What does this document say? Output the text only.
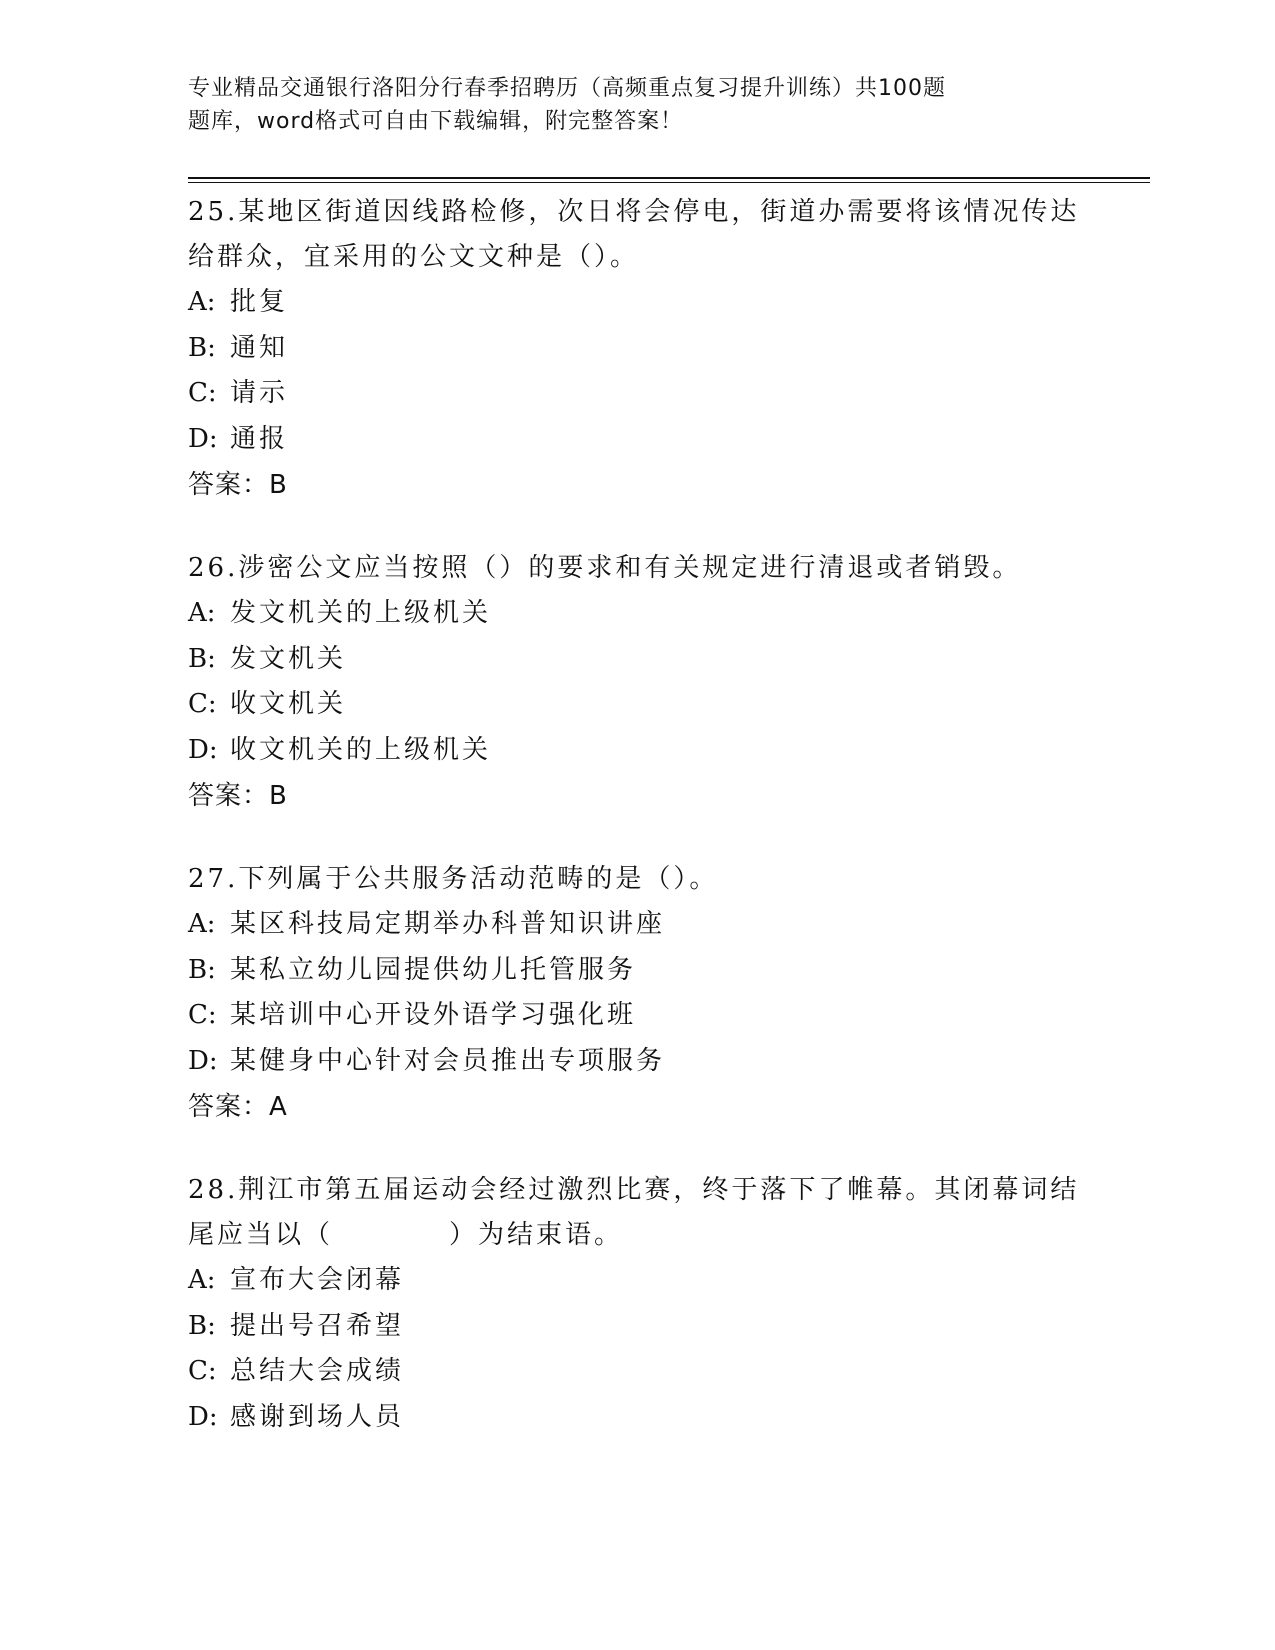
专业精品交通银行洛阳分行春季招聘历（高频重点复习提升训练）共100题
题库，word格式可自由下载编辑，附完整答案！
25.某地区街道因线路检修，次日将会停电，街道办需要将该情况传达
给群众，宜采用的公文文种是（）。
A: 批复
B: 通知
C: 请示
D: 通报
答案：B
26.涉密公文应当按照（）的要求和有关规定进行清退或者销毁。
A: 发文机关的上级机关
B: 发文机关
C: 收文机关
D: 收文机关的上级机关
答案：B
27.下列属于公共服务活动范畴的是（）。
A: 某区科技局定期举办科普知识讲座
B: 某私立幼儿园提供幼儿托管服务
C: 某培训中心开设外语学习强化班
D: 某健身中心针对会员推出专项服务
答案：A
28.荆江市第五届运动会经过激烈比赛，终于落下了帷幕。其闭幕词结
尾应当以（　　　　）为结束语。
A: 宣布大会闭幕
B: 提出号召希望
C: 总结大会成绩
D: 感谢到场人员
